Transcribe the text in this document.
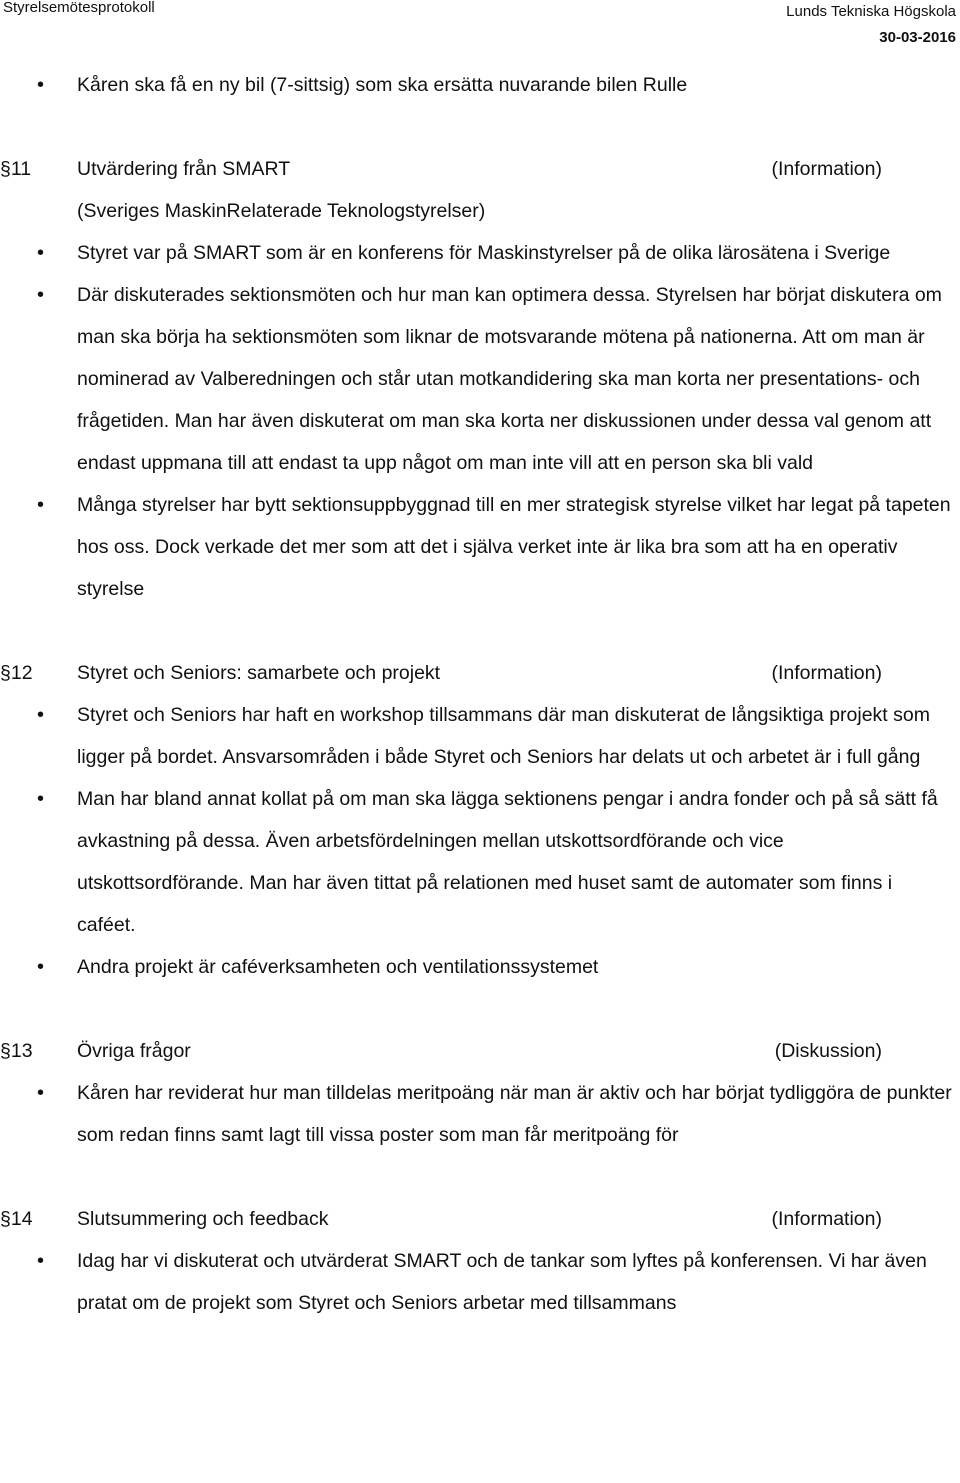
Styrelsemötesprotokoll	Lunds Tekniska Högskola
30-03-2016
• Kåren ska få en ny bil (7-sittsig) som ska ersätta nuvarande bilen Rulle
§11 Utvärdering från SMART	(Information)
(Sveriges MaskinRelaterade Teknologstyrelser)
• Styret var på SMART som är en konferens för Maskinstyrelser på de olika lärosätena i Sverige
• Där diskuterades sektionsmöten och hur man kan optimera dessa. Styrelsen har börjat diskutera om man ska börja ha sektionsmöten som liknar de motsvarande mötena på nationerna. Att om man är nominerad av Valberedningen och står utan motkandidering ska man korta ner presentations- och frågetiden. Man har även diskuterat om man ska korta ner diskussionen under dessa val genom att endast uppmana till att endast ta upp något om man inte vill att en person ska bli vald
• Många styrelser har bytt sektionsuppbyggnad till en mer strategisk styrelse vilket har legat på tapeten hos oss. Dock verkade det mer som att det i själva verket inte är lika bra som att ha en operativ styrelse
§12 Styret och Seniors: samarbete och projekt	(Information)
• Styret och Seniors har haft en workshop tillsammans där man diskuterat de långsiktiga projekt som ligger på bordet. Ansvarsområden i både Styret och Seniors har delats ut och arbetet är i full gång
• Man har bland annat kollat på om man ska lägga sektionens pengar i andra fonder och på så sätt få avkastning på dessa. Även arbetsfördelningen mellan utskottsordförande och vice utskottsordförande. Man har även tittat på relationen med huset samt de automater som finns i caféet.
• Andra projekt är caféverksamheten och ventilationssystemet
§13 Övriga frågor	(Diskussion)
• Kåren har reviderat hur man tilldelas meritpoäng när man är aktiv och har börjat tydliggöra de punkter som redan finns samt lagt till vissa poster som man får meritpoäng för
§14 Slutsummering och feedback	(Information)
• Idag har vi diskuterat och utvärderat SMART och de tankar som lyftes på konferensen. Vi har även pratat om de projekt som Styret och Seniors arbetar med tillsammans
